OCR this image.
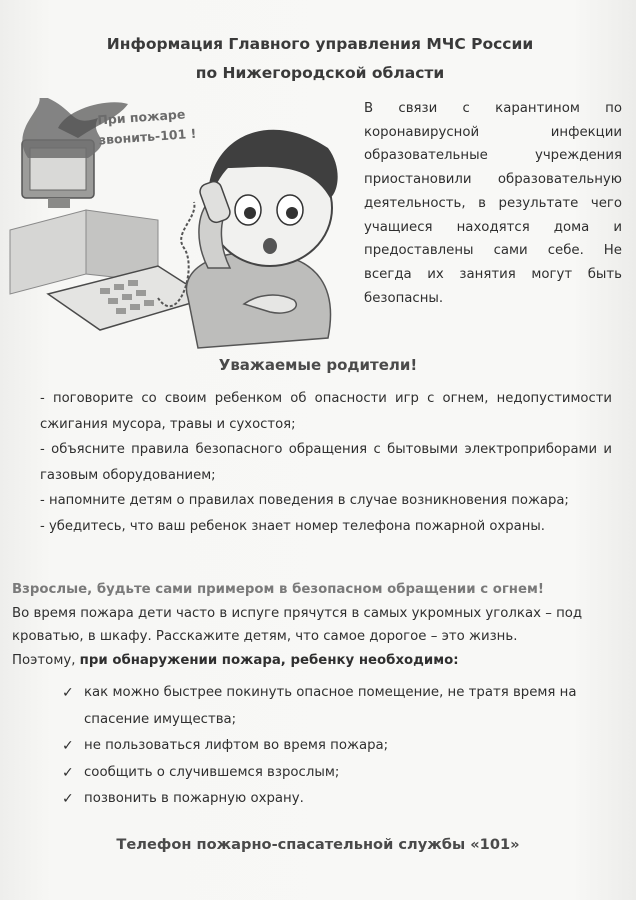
Информация Главного управления МЧС России
по Нижегородской области
При пожаре
звонить-101 !
В связи с карантином по коронавирусной инфекции образовательные учреждения приостановили образовательную деятельность, в результате чего учащиеся находятся дома и предоставлены сами себе. Не всегда их занятия могут быть безопасны.
Уважаемые родители!

- поговорите со своим ребенком об опасности игр с огнем, недопустимости сжигания мусора, травы и сухостоя;

- объясните правила безопасного обращения с бытовыми электроприборами и газовым оборудованием;

- напомните детям о правилах поведения в случае возникновения пожара;

- убедитесь, что ваш ребенок знает номер телефона пожарной охраны.

Взрослые, будьте сами примером в безопасном обращении с огнем!

Во время пожара дети часто в испуге прячутся в самых укромных уголках – под кроватью, в шкафу. Расскажите детям, что самое дорогое – это жизнь.

Поэтому, при обнаружении пожара, ребенку необходимо:

✓ как можно быстрее покинуть опасное помещение, не тратя время на спасение имущества;
✓ не пользоваться лифтом во время пожара;
✓ сообщить о случившемся взрослым;
✓ позвонить в пожарную охрану.
Телефон пожарно-спасательной службы «101»
